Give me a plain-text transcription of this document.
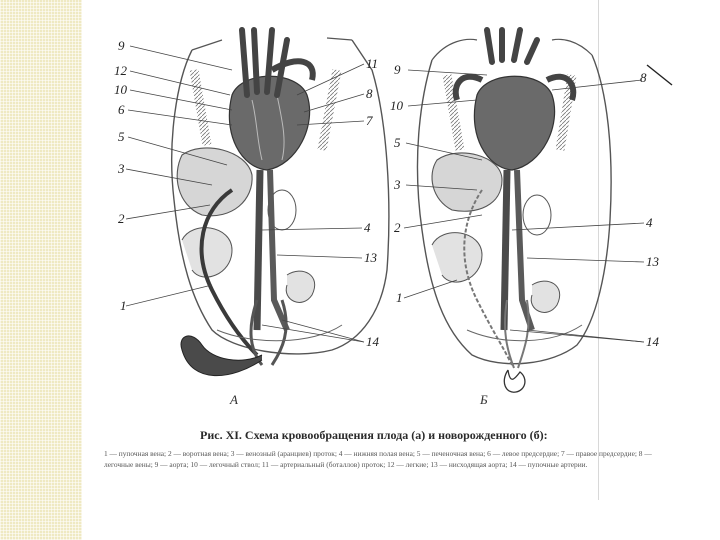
9
12
10
6
5
3
2
1
11
8
7
4
13
14
А
9
10
5
3
2
1
8
4
13
14
Б
Рис. XI. Схема кровообращения плода (а) и новорожденного (б):
1 — пупочная вена; 2 — воротная вена; 3 — венозный (аранциев) проток; 4 — нижняя полая вена; 5 — печеночная вена; 6 — левое предсердие; 7 — правое предсердие; 8 — легочные вены; 9 — аорта; 10 — легочный ствол; 11 — артериальный (боталлов) проток; 12 — легкие; 13 — нисходящая аорта; 14 — пупочные артерии.
